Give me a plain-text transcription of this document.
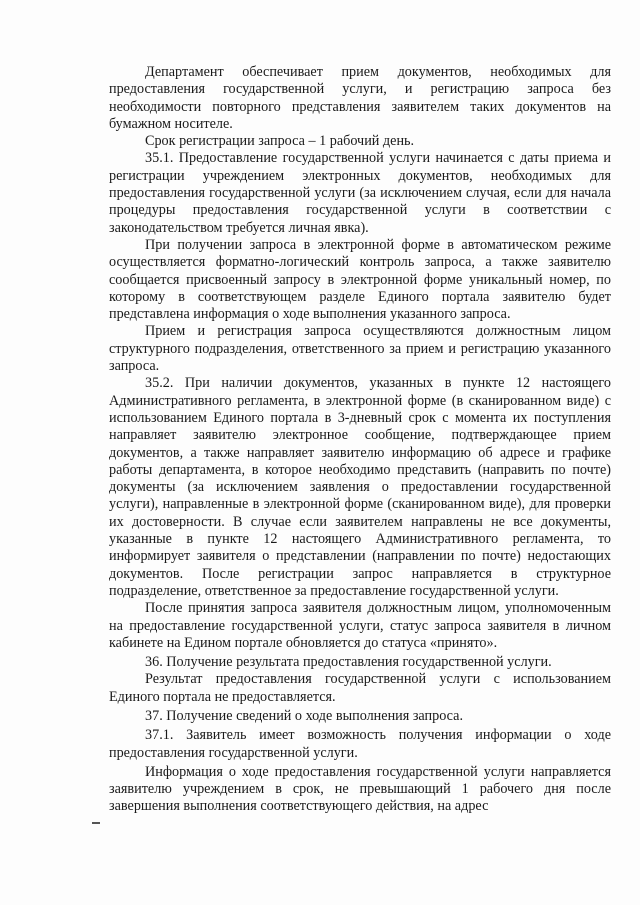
Департамент обеспечивает прием документов, необходимых для предоставления государственной услуги, и регистрацию запроса без необходимости повторного представления заявителем таких документов на бумажном носителе.

Срок регистрации запроса – 1 рабочий день.

35.1. Предоставление государственной услуги начинается с даты приема и регистрации учреждением электронных документов, необходимых для предоставления государственной услуги (за исключением случая, если для начала процедуры предоставления государственной услуги в соответствии с законодательством требуется личная явка).

При получении запроса в электронной форме в автоматическом режиме осуществляется форматно-логический контроль запроса, а также заявителю сообщается присвоенный запросу в электронной форме уникальный номер, по которому в соответствующем разделе Единого портала заявителю будет представлена информация о ходе выполнения указанного запроса.

Прием и регистрация запроса осуществляются должностным лицом структурного подразделения, ответственного за прием и регистрацию указанного запроса.

35.2. При наличии документов, указанных в пункте 12 настоящего Административного регламента, в электронной форме (в сканированном виде) с использованием Единого портала в 3-дневный срок с момента их поступления направляет заявителю электронное сообщение, подтверждающее прием документов, а также направляет заявителю информацию об адресе и графике работы департамента, в которое необходимо представить (направить по почте) документы (за исключением заявления о предоставлении государственной услуги), направленные в электронной форме (сканированном виде), для проверки их достоверности. В случае если заявителем направлены не все документы, указанные в пункте 12 настоящего Административного регламента, то информирует заявителя о представлении (направлении по почте) недостающих документов. После регистрации запрос направляется в структурное подразделение, ответственное за предоставление государственной услуги.

После принятия запроса заявителя должностным лицом, уполномоченным на предоставление государственной услуги, статус запроса заявителя в личном кабинете на Едином портале обновляется до статуса «принято».

36. Получение результата предоставления государственной услуги.

Результат предоставления государственной услуги с использованием Единого портала не предоставляется.

37. Получение сведений о ходе выполнения запроса.

37.1. Заявитель имеет возможность получения информации о ходе предоставления государственной услуги.

Информация о ходе предоставления государственной услуги направляется заявителю учреждением в срок, не превышающий 1 рабочего дня после завершения выполнения соответствующего действия, на адрес
